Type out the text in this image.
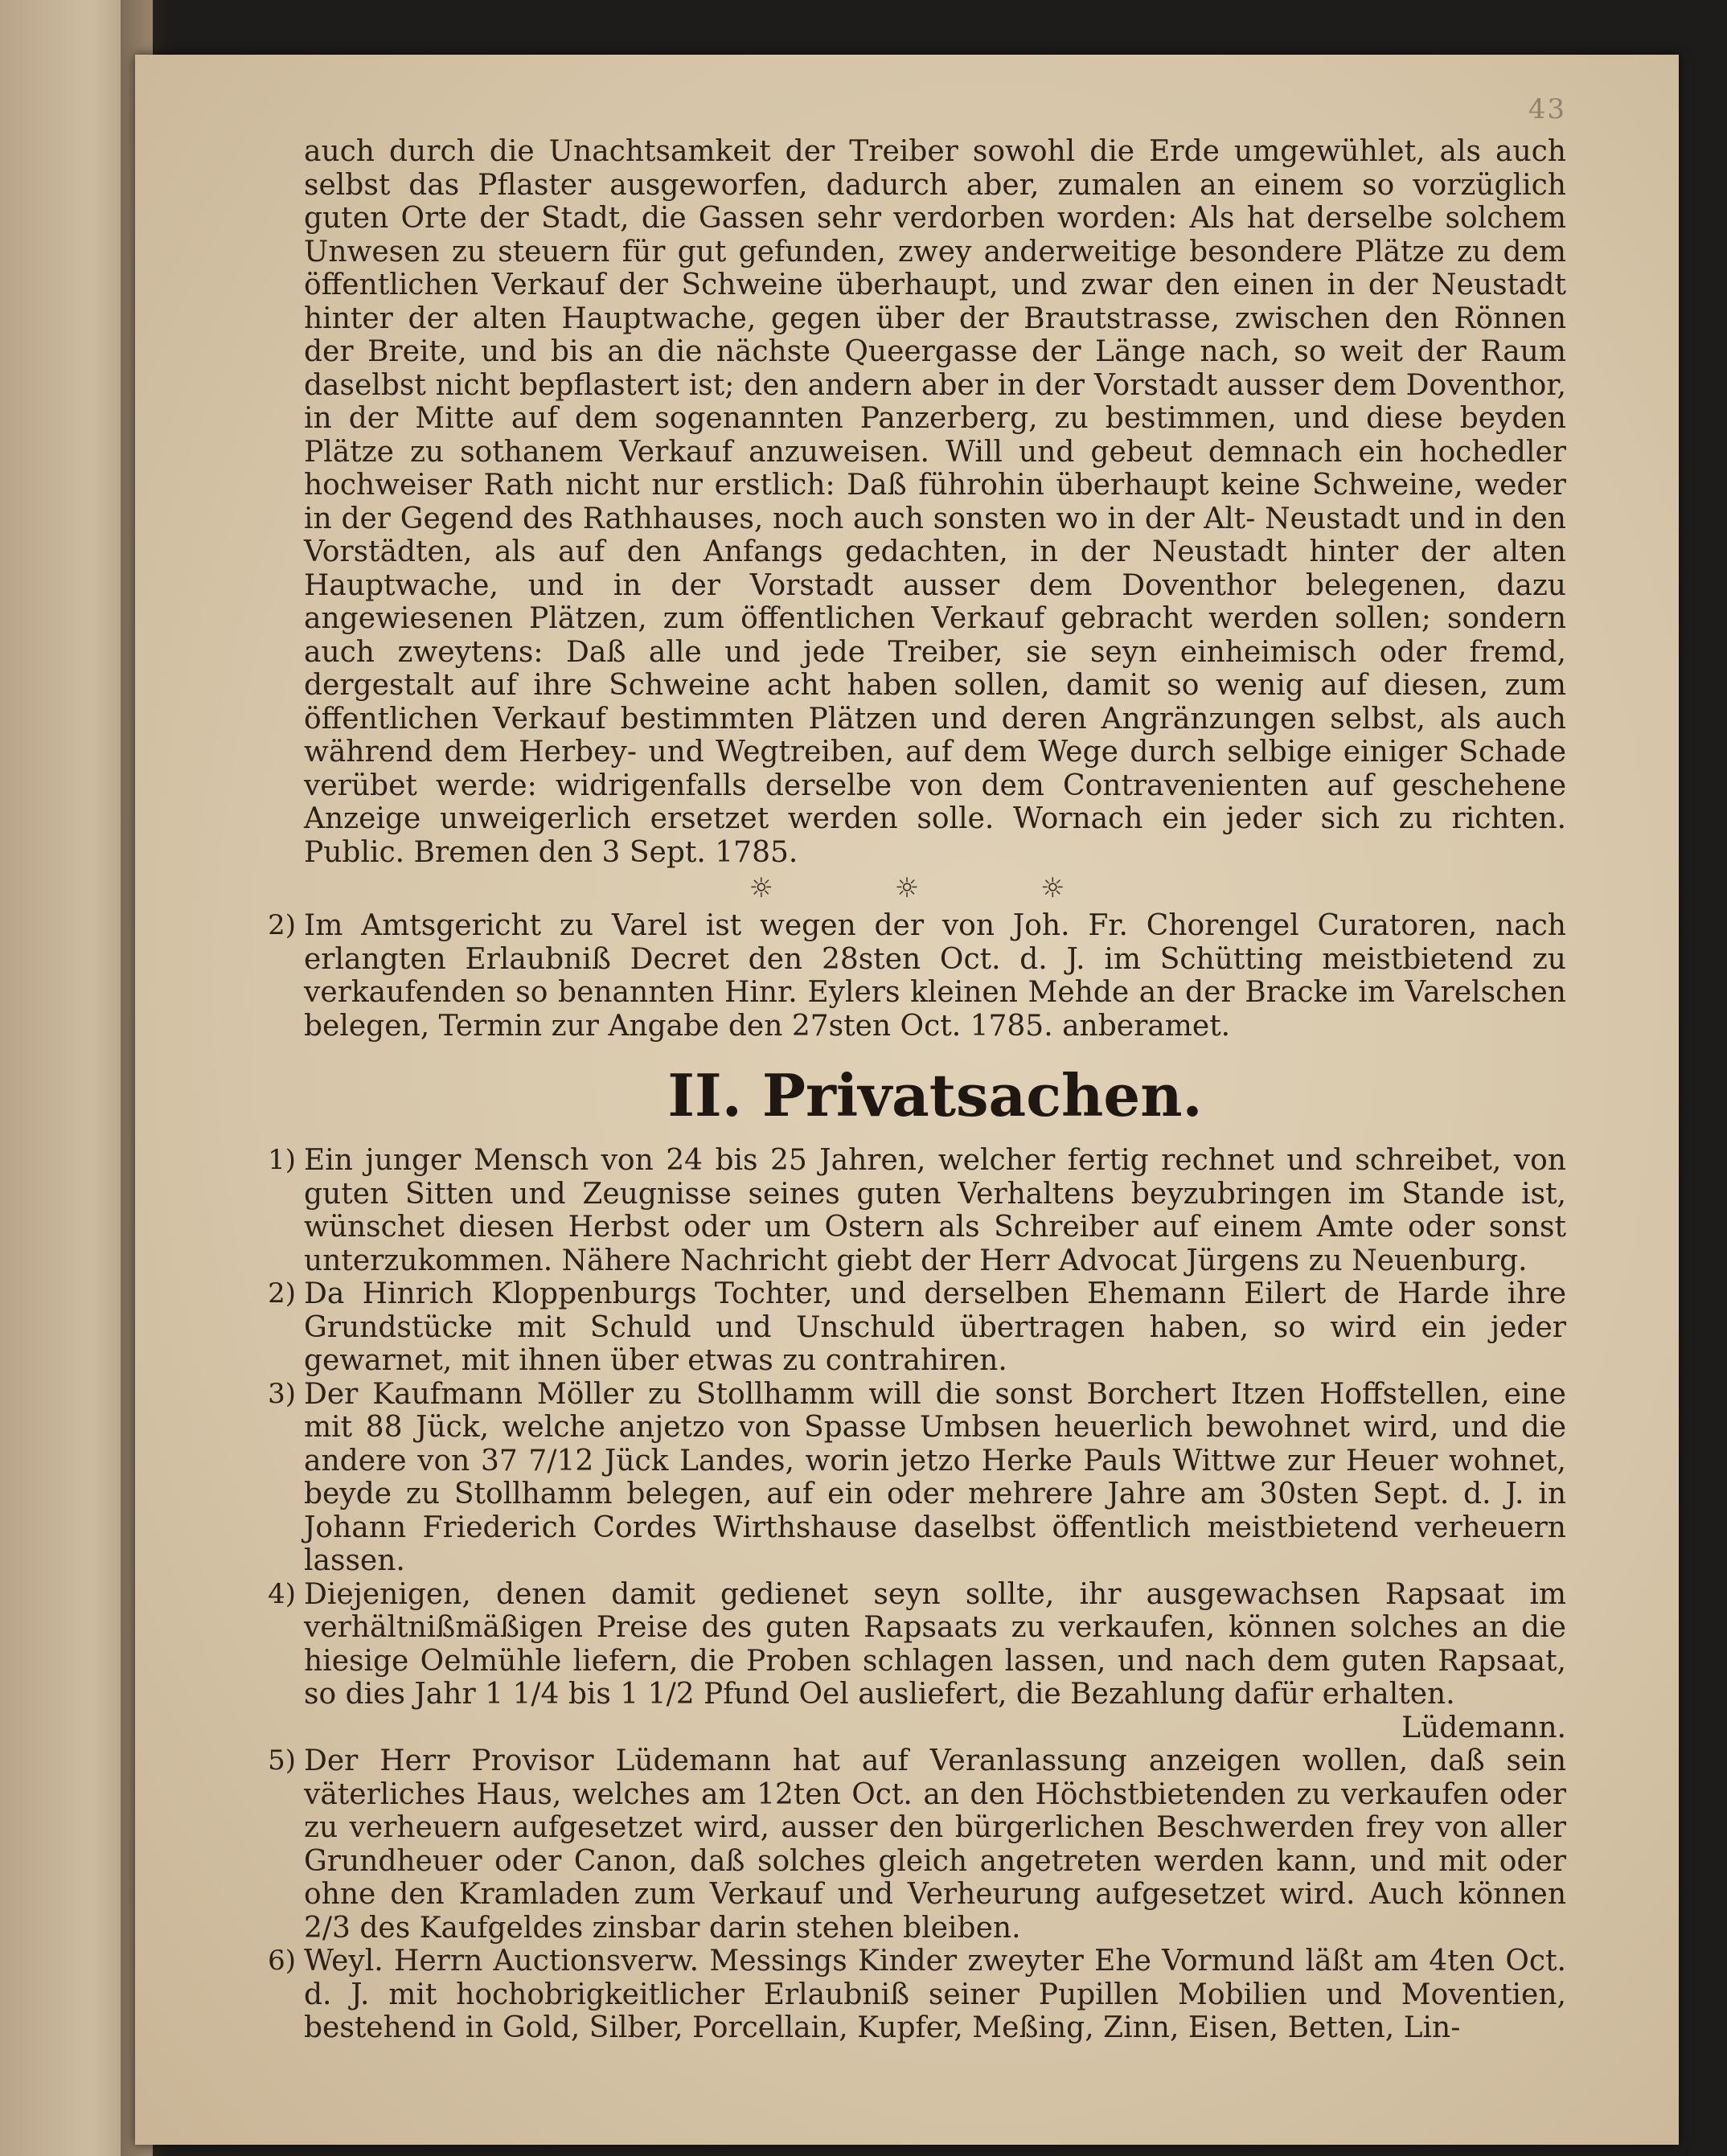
43

auch durch die Unachtsamkeit der Treiber sowohl die Erde umgewühlet, als auch selbst das Pflaster ausgeworfen, dadurch aber, zumalen an einem so vorzüglich guten Orte der Stadt, die Gassen sehr verdorben worden: Als hat derselbe solchem Unwesen zu steuern für gut gefunden, zwey anderweitige besondere Plätze zu dem öffentlichen Verkauf der Schweine überhaupt, und zwar den einen in der Neustadt hinter der alten Hauptwache, gegen über der Brautstrasse, zwischen den Rönnen der Breite, und bis an die nächste Queergasse der Länge nach, so weit der Raum daselbst nicht bepflastert ist; den andern aber in der Vorstadt ausser dem Doventhor, in der Mitte auf dem sogenannten Panzerberg, zu bestimmen, und diese beyden Plätze zu sothanem Verkauf anzuweisen. Will und gebeut demnach ein hochedler hochweiser Rath nicht nur erstlich: Daß führohin überhaupt keine Schweine, weder in der Gegend des Rathhauses, noch auch sonsten wo in der Alt- Neustadt und in den Vorstädten, als auf den Anfangs gedachten, in der Neustadt hinter der alten Hauptwache, und in der Vorstadt ausser dem Doventhor belegenen, dazu angewiesenen Plätzen, zum öffentlichen Verkauf gebracht werden sollen; sondern auch zweytens: Daß alle und jede Treiber, sie seyn einheimisch oder fremd, dergestalt auf ihre Schweine acht haben sollen, damit so wenig auf diesen, zum öffentlichen Verkauf bestimmten Plätzen und deren Angränzungen selbst, als auch während dem Herbey- und Wegtreiben, auf dem Wege durch selbige einiger Schade verübet werde: widrigenfalls derselbe von dem Contravenienten auf geschehene Anzeige unweigerlich ersetzet werden solle. Wornach ein jeder sich zu richten. Public. Bremen den 3 Sept. 1785.

☼ ☼ ☼
2) Im Amtsgericht zu Varel ist wegen der von Joh. Fr. Chorengel Curatoren, nach erlangten Erlaubniß Decret den 28sten Oct. d. J. im Schütting meistbietend zu verkaufenden so benannten Hinr. Eylers kleinen Mehde an der Bracke im Varelschen belegen, Termin zur Angabe den 27sten Oct. 1785. anberamet.
II. Privatsachen.
1) Ein junger Mensch von 24 bis 25 Jahren, welcher fertig rechnet und schreibet, von guten Sitten und Zeugnisse seines guten Verhaltens beyzubringen im Stande ist, wünschet diesen Herbst oder um Ostern als Schreiber auf einem Amte oder sonst unterzukommen. Nähere Nachricht giebt der Herr Advocat Jürgens zu Neuenburg.
2) Da Hinrich Kloppenburgs Tochter, und derselben Ehemann Eilert de Harde ihre Grundstücke mit Schuld und Unschuld übertragen haben, so wird ein jeder gewarnet, mit ihnen über etwas zu contrahiren.
3) Der Kaufmann Möller zu Stollhamm will die sonst Borchert Itzen Hoffstellen, eine mit 88 Jück, welche anjetzo von Spasse Umbsen heuerlich bewohnet wird, und die andere von 37 7/12 Jück Landes, worin jetzo Herke Pauls Wittwe zur Heuer wohnet, beyde zu Stollhamm belegen, auf ein oder mehrere Jahre am 30sten Sept. d. J. in Johann Friederich Cordes Wirthshause daselbst öffentlich meistbietend verheuern lassen.
4) Diejenigen, denen damit gedienet seyn sollte, ihr ausgewachsen Rapsaat im verhältnißmäßigen Preise des guten Rapsaats zu verkaufen, können solches an die hiesige Oelmühle liefern, die Proben schlagen lassen, und nach dem guten Rapsaat, so dies Jahr 1 1/4 bis 1 1/2 Pfund Oel ausliefert, die Bezahlung dafür erhalten.
Lüdemann.
5) Der Herr Provisor Lüdemann hat auf Veranlassung anzeigen wollen, daß sein väterliches Haus, welches am 12ten Oct. an den Höchstbietenden zu verkaufen oder zu verheuern aufgesetzet wird, ausser den bürgerlichen Beschwerden frey von aller Grundheuer oder Canon, daß solches gleich angetreten werden kann, und mit oder ohne den Kramladen zum Verkauf und Verheurung aufgesetzet wird. Auch können 2/3 des Kaufgeldes zinsbar darin stehen bleiben.
6) Weyl. Herrn Auctionsverw. Messings Kinder zweyter Ehe Vormund läßt am 4ten Oct. d. J. mit hochobrigkeitlicher Erlaubniß seiner Pupillen Mobilien und Moventien, bestehend in Gold, Silber, Porcellain, Kupfer, Meßing, Zinn, Eisen, Betten, Lin-
